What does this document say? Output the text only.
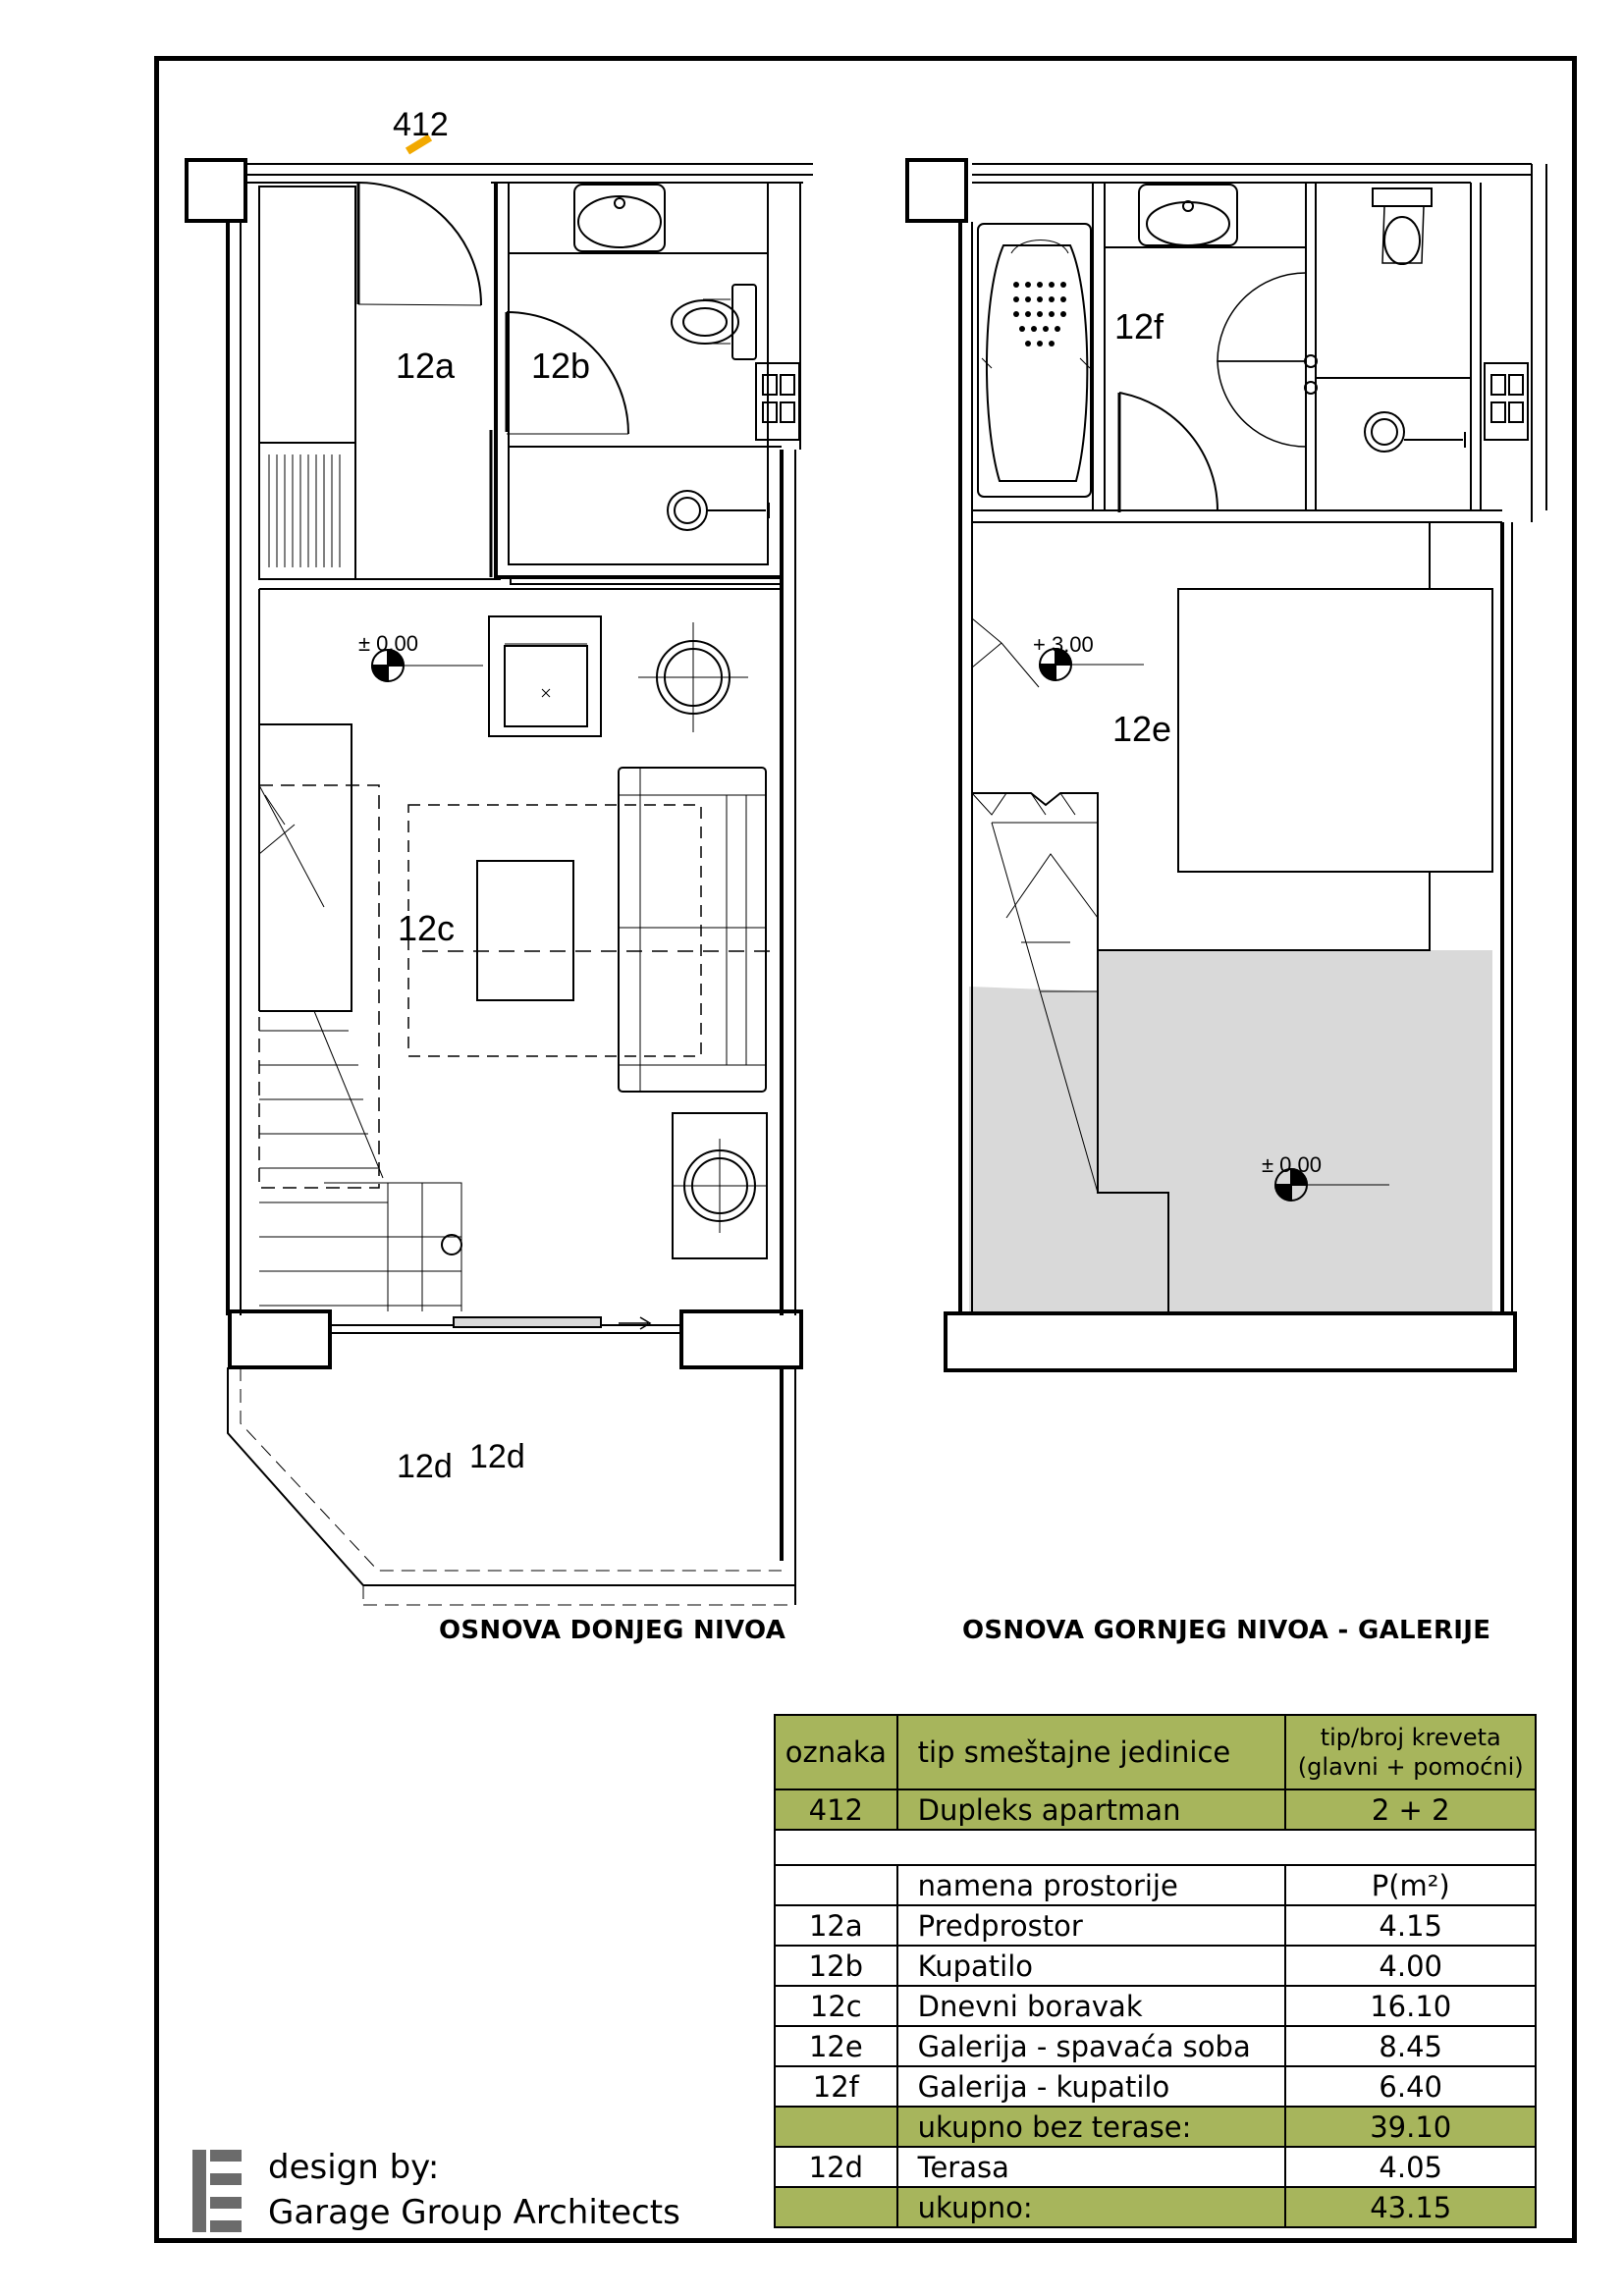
412
± 0.00
12a 12b
12c
12d 12d
+ 3.00
± 0.00
12f
12e
OSNOVA DONJEG NIVOA	OSNOVA GORNJEG NIVOA - GALERIJE
oznaka	tip smeštajne jedinice	tip/broj kreveta
(glavni + pomoćni)

412	Dupleks apartman	2 + 2

	namena prostorije	P(m²)
12a	Predprostor	4.15
12b	Kupatilo	4.00
12c	Dnevni boravak	16.10
12e	Galerija - spavaća soba	8.45
12f	Galerija - kupatilo	6.40
	ukupno bez terase:	39.10
12d	Terasa	4.05
	ukupno:	43.15
design by:
Garage Group Architects
